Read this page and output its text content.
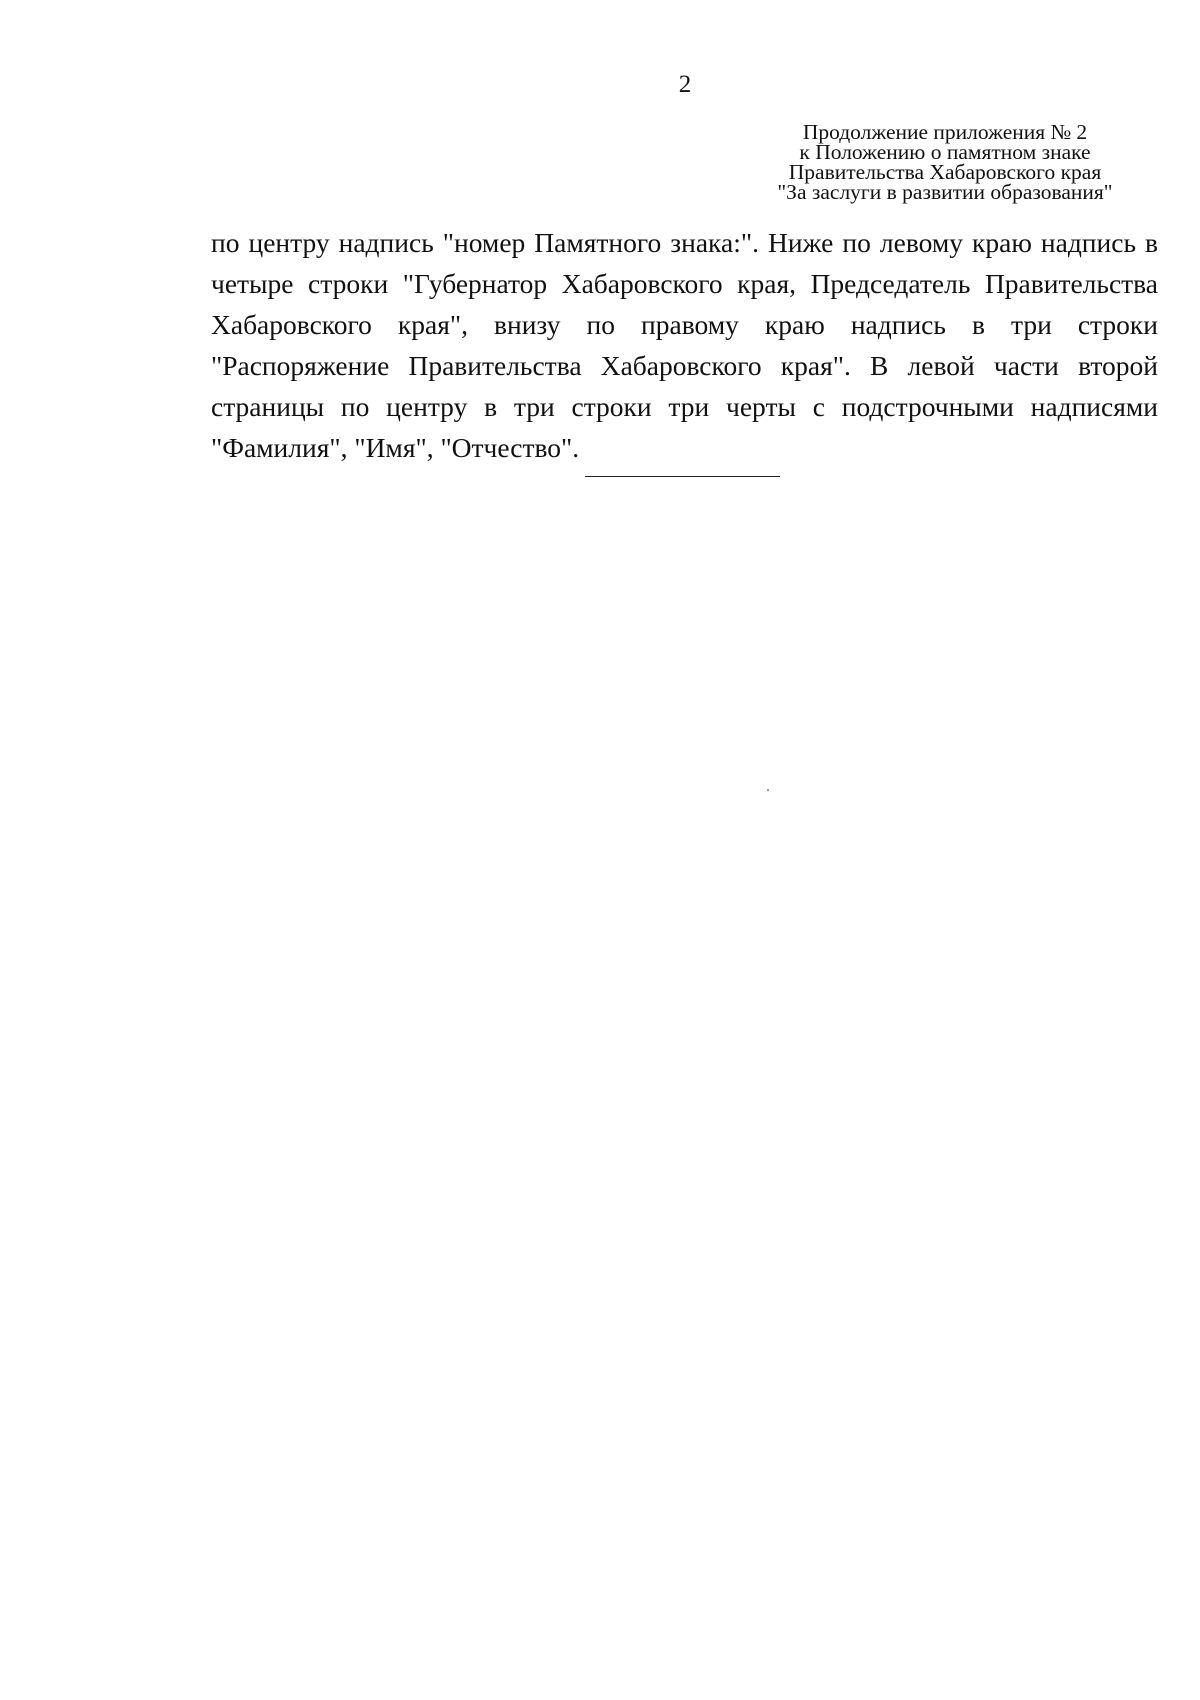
2
Продолжение приложения № 2
к Положению о памятном знаке
Правительства Хабаровского края
"За заслуги в развитии образования"
по центру надпись "номер Памятного знака:". Ниже по левому краю надпись в четыре строки "Губернатор Хабаровского края, Председатель Правительства Хабаровского края", внизу по правому краю надпись в три строки "Распоряжение Правительства Хабаровского края". В левой части второй страницы по центру в три строки три черты с подстрочными надписями "Фамилия", "Имя", "Отчество".
